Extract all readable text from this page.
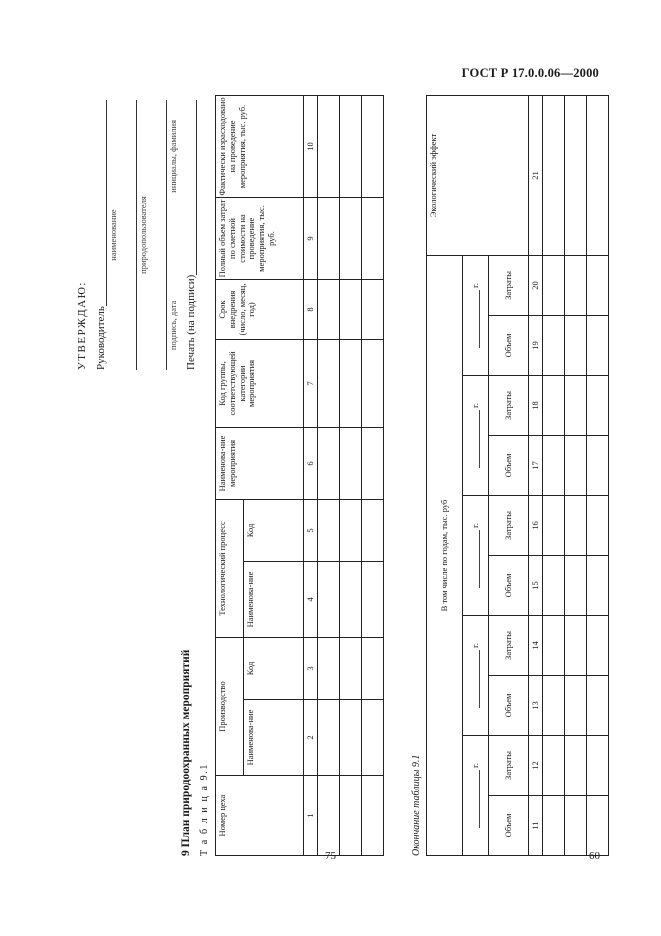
ГОСТ Р 17.0.0.06—2000
75	60
УТВЕРЖДАЮ: Руководитель
наименование природопользователя
подпись, дата
инициалы, фамилия
Печать (на подписи)
9 План природоохранных мероприятий Т а б л и ц а 9.1 Номер цеха	Производство		Технологический процесс		Наименова-ние мероприятия	Код группы, соответствующей категории мероприятия	Срок внедрения (число, месяц, год)	Полный объем затрат по сметной стоимости на проведение мероприятия, тыс. руб.	Фактически израсходовано на проведение мероприятия, тыс. руб.
	Наименова-ние	Код	Наименова-ние	Код					
1	2	3	4	5	6	7	8	9	10

Окончание таблицы 9.1
В том числе по годам, тыс. руб										Экологический эффект
г.		г.		г.		г.		г.		
Объем	Затраты	Объем	Затраты	Объем	Затраты	Объем	Затраты	Объем	Затраты	
11	12	13	14	15	16	17	18	19	20	21
